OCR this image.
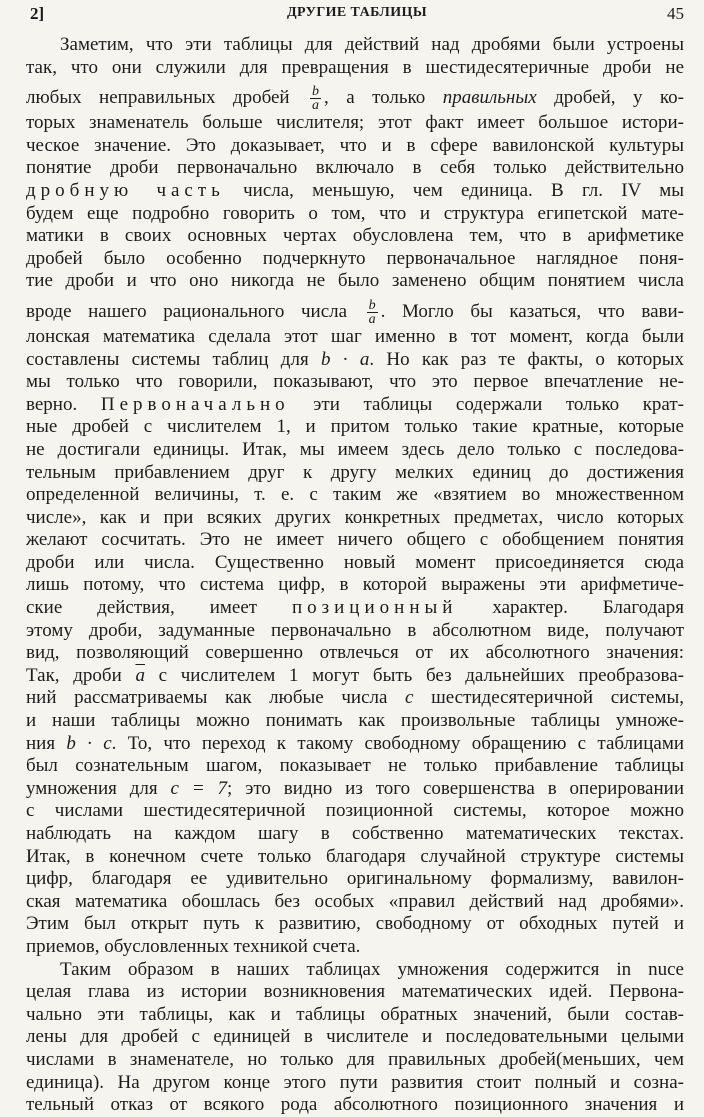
2]	ДРУГИЕ ТАБЛИЦЫ	45
Заметим, что эти таблицы для действий над дробями были устроены
так, что они служили для превращения в шестидесятеричные дроби не
любых неправильных дробей $\frac{b}{a}$ , а только правильных дробей, у ко-
торых знаменатель больше числителя; этот факт имеет большое истори-
ческое значение. Это доказывает, что и в сфере вавилонской культуры
понятие дроби первоначально включало в себя только действительно
дробную часть числа, меньшую, чем единица. В гл. IV мы
будем еще подробно говорить о том, что и структура египетской мате-
матики в своих основных чертах обусловлена тем, что в арифметике
дробей было особенно подчеркнуто первоначальное наглядное поня-
тие дроби и что оно никогда не было заменено общим понятием числа
вроде нашего рационального числа $\frac{b}{a}$ . Могло бы казаться, что вави-
лонская математика сделала этот шаг именно в тот момент, когда были
составлены системы таблиц для b · a. Но как раз те факты, о которых
мы только что говорили, показывают, что это первое впечатление не-
верно. Первоначально эти таблицы содержали только крат-
ные дробей с числителем 1, и притом только такие кратные, которые
не достигали единицы. Итак, мы имеем здесь дело только с последова-
тельным прибавлением друг к другу мелких единиц до достижения
определенной величины, т. е. с таким же «взятием во множественном
числе», как и при всяких других конкретных предметах, число которых
желают сосчитать. Это не имеет ничего общего с обобщением понятия
дроби или числа. Существенно новый момент присоединяется сюда
лишь потому, что система цифр, в которой выражены эти арифметиче-
ские действия, имеет позиционный характер. Благодаря
этому дроби, задуманные первоначально в абсолютном виде, получают
вид, позволяющий совершенно отвлечься от их абсолютного значения:
Так, дроби $\overline{a}$ с числителем 1 могут быть без дальнейших преобразова-
ний рассматриваемы как любые числа c шестидесятеричной системы,
и наши таблицы можно понимать как произвольные таблицы умноже-
ния b · c. То, что переход к такому свободному обращению с таблицами
был сознательным шагом, показывает не только прибавление таблицы
умножения для c = 7; это видно из того совершенства в оперировании
с числами шестидесятеричной позиционной системы, которое можно
наблюдать на каждом шагу в собственно математических текстах.
Итак, в конечном счете только благодаря случайной структуре системы
цифр, благодаря ее удивительно оригинальному формализму, вавилон-
ская математика обошлась без особых «правил действий над дробями».
Этим был открыт путь к развитию, свободному от обходных путей и
приемов, обусловленных техникой счета.
Таким образом в наших таблицах умножения содержится in nuce
целая глава из истории возникновения математических идей. Первона-
чально эти таблицы, как и таблицы обратных значений, были состав-
лены для дробей с единицей в числителе и последовательными целыми
числами в знаменателе, но только для правильных дробей(меньших, чем
единица). На другом конце этого пути развития стоит полный и созна-
тельный отказ от всякого рода абсолютного позиционного значения и
